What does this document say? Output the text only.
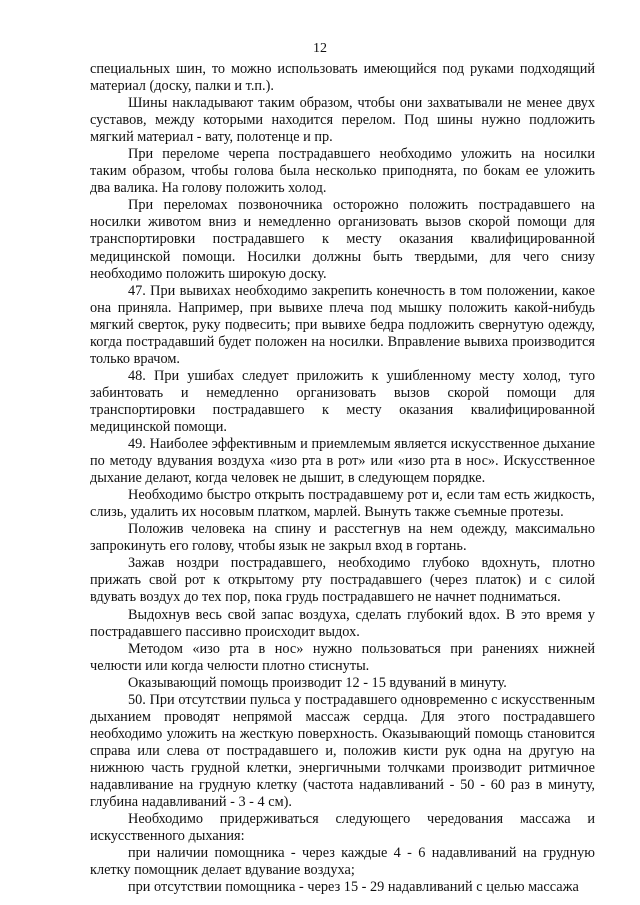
12

специальных шин, то можно использовать имеющийся под руками подходящий материал (доску, палки и т.п.).

Шины накладывают таким образом, чтобы они захватывали не менее двух суставов, между которыми находится перелом. Под шины нужно подложить мягкий материал - вату, полотенце и пр.

При переломе черепа пострадавшего необходимо уложить на носилки таким образом, чтобы голова была несколько приподнята, по бокам ее уложить два валика. На голову положить холод.

При переломах позвоночника осторожно положить пострадавшего на носилки животом вниз и немедленно организовать вызов скорой помощи для транспортировки пострадавшего к месту оказания квалифицированной медицинской помощи. Носилки должны быть твердыми, для чего снизу необходимо положить широкую доску.

47. При вывихах необходимо закрепить конечность в том положении, какое она приняла. Например, при вывихе плеча под мышку положить какой-нибудь мягкий сверток, руку подвесить; при вывихе бедра подложить свернутую одежду, когда пострадавший будет положен на носилки. Вправление вывиха производится только врачом.

48. При ушибах следует приложить к ушибленному месту холод, туго забинтовать и немедленно организовать вызов скорой помощи для транспортировки пострадавшего к месту оказания квалифицированной медицинской помощи.

49. Наиболее эффективным и приемлемым является искусственное дыхание по методу вдувания воздуха «изо рта в рот» или «изо рта в нос». Искусственное дыхание делают, когда человек не дышит, в следующем порядке.

Необходимо быстро открыть пострадавшему рот и, если там есть жидкость, слизь, удалить их носовым платком, марлей. Вынуть также съемные протезы.

Положив человека на спину и расстегнув на нем одежду, максимально запрокинуть его голову, чтобы язык не закрыл вход в гортань.

Зажав ноздри пострадавшего, необходимо глубоко вдохнуть, плотно прижать свой рот к открытому рту пострадавшего (через платок) и с силой вдувать воздух до тех пор, пока грудь пострадавшего не начнет подниматься.

Выдохнув весь свой запас воздуха, сделать глубокий вдох. В это время у пострадавшего пассивно происходит выдох.

Методом «изо рта в нос» нужно пользоваться при ранениях нижней челюсти или когда челюсти плотно стиснуты.

Оказывающий помощь производит 12 - 15 вдуваний в минуту.

50. При отсутствии пульса у пострадавшего одновременно с искусственным дыханием проводят непрямой массаж сердца. Для этого пострадавшего необходимо уложить на жесткую поверхность. Оказывающий помощь становится справа или слева от пострадавшего и, положив кисти рук одна на другую на нижнюю часть грудной клетки, энергичными толчками производит ритмичное надавливание на грудную клетку (частота надавливаний - 50 - 60 раз в минуту, глубина надавливаний - 3 - 4 см).

Необходимо придерживаться следующего чередования массажа и искусственного дыхания:

при наличии помощника - через каждые 4 - 6 надавливаний на грудную клетку помощник делает вдувание воздуха;

при отсутствии помощника - через 15 - 29 надавливаний с целью массажа
